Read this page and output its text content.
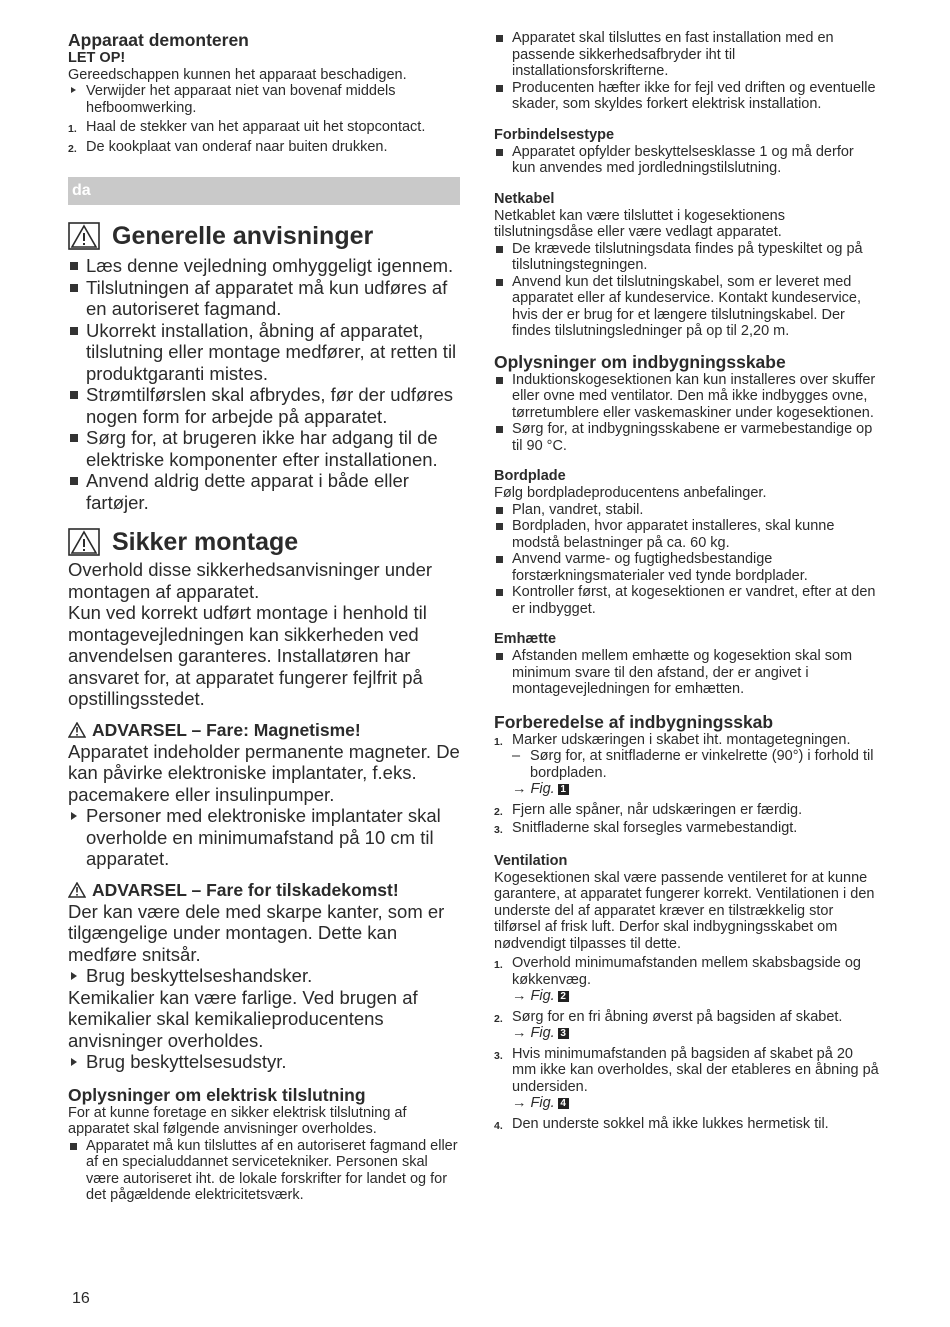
Apparaat demonteren

LET OP!

Gereedschappen kunnen het apparaat beschadigen.

Verwijder het apparaat niet van bovenaf middels hefboomwerking.
1. Haal de stekker van het apparaat uit het stopcontact.
2. De kookplaat van onderaf naar buiten drukken.
da
Generelle anvisninger
Læs denne vejledning omhyggeligt igennem.
Tilslutningen af apparatet må kun udføres af en autoriseret fagmand.
Ukorrekt installation, åbning af apparatet, tilslutning eller montage medfører, at retten til produktgaranti mistes.
Strømtilførslen skal afbrydes, før der udføres nogen form for arbejde på apparatet.
Sørg for, at brugeren ikke har adgang til de elektriske komponenter efter installationen.
Anvend aldrig dette apparat i både eller fartøjer.
Sikker montage

Overhold disse sikkerhedsanvisninger under montagen af apparatet.

Kun ved korrekt udført montage i henhold til montagevejledningen kan sikkerheden ved anvendelsen garanteres. Installatøren har ansvaret for, at apparatet fungerer fejlfrit på opstillingsstedet.

ADVARSEL – Fare: Magnetisme!

Apparatet indeholder permanente magneter. De kan påvirke elektroniske implantater, f.eks. pacemakere eller insulinpumper.

Personer med elektroniske implantater skal overholde en minimumafstand på 10 cm til apparatet.

ADVARSEL – Fare for tilskadekomst!

Der kan være dele med skarpe kanter, som er tilgængelige under montagen. Dette kan medføre snitsår.

Brug beskyttelseshandsker.

Kemikalier kan være farlige. Ved brugen af kemikalier skal kemikalieproducentens anvisninger overholdes.

Brug beskyttelsesudstyr.

Oplysninger om elektrisk tilslutning

For at kunne foretage en sikker elektrisk tilslutning af apparatet skal følgende anvisninger overholdes.

Apparatet må kun tilsluttes af en autoriseret fagmand eller af en specialuddannet servicetekniker. Personen skal være autoriseret iht. de lokale forskrifter for landet og for det pågældende elektricitetsværk.
16
Apparatet skal tilsluttes en fast installation med en passende sikkerhedsafbryder iht til installationsforskrifterne.
Producenten hæfter ikke for fejl ved driften og eventuelle skader, som skyldes forkert elektrisk installation.

Forbindelsestype

Apparatet opfylder beskyttelsesklasse 1 og må derfor kun anvendes med jordledningstilslutning.

Netkabel

Netkablet kan være tilsluttet i kogesektionens tilslutningsdåse eller være vedlagt apparatet.

De krævede tilslutningsdata findes på typeskiltet og på tilslutningstegningen.
Anvend kun det tilslutningskabel, som er leveret med apparatet eller af kundeservice. Kontakt kundeservice, hvis der er brug for et længere tilslutningskabel. Der findes tilslutningsledninger på op til 2,20 m.

Oplysninger om indbygningsskabe

Induktionskogesektionen kan kun installeres over skuffer eller ovne med ventilator. Den må ikke indbygges ovne, tørretumblere eller vaskemaskiner under kogesektionen.
Sørg for, at indbygningsskabene er varmebestandige op til 90 °C.

Bordplade

Følg bordpladeproducentens anbefalinger.

Plan, vandret, stabil.
Bordpladen, hvor apparatet installeres, skal kunne modstå belastninger på ca. 60 kg.
Anvend varme- og fugtighedsbestandige forstærkningsmaterialer ved tynde bordplader.
Kontroller først, at kogesektionen er vandret, efter at den er indbygget.

Emhætte

Afstanden mellem emhætte og kogesektion skal som minimum svare til den afstand, der er angivet i montagevejledningen for emhætten.

Forberedelse af indbygningsskab

1. Marker udskæringen i skabet iht. montagetegningen.
– Sørg for, at snitfladerne er vinkelrette (90°) i forhold til bordpladen.
→ Fig. 1
2. Fjern alle spåner, når udskæringen er færdig.
3. Snitfladerne skal forsegles varmebestandigt.

Ventilation

Kogesektionen skal være passende ventileret for at kunne garantere, at apparatet fungerer korrekt. Ventilationen i den underste del af apparatet kræver en tilstrækkelig stor tilførsel af frisk luft. Derfor skal indbygningsskabet om nødvendigt tilpasses til dette.

1. Overhold minimumafstanden mellem skabsbagside og køkkenvæg.
→ Fig. 2
2. Sørg for en fri åbning øverst på bagsiden af skabet.
→ Fig. 3
3. Hvis minimumafstanden på bagsiden af skabet på 20 mm ikke kan overholdes, skal der etableres en åbning på undersiden.
→ Fig. 4
4. Den underste sokkel må ikke lukkes hermetisk til.
